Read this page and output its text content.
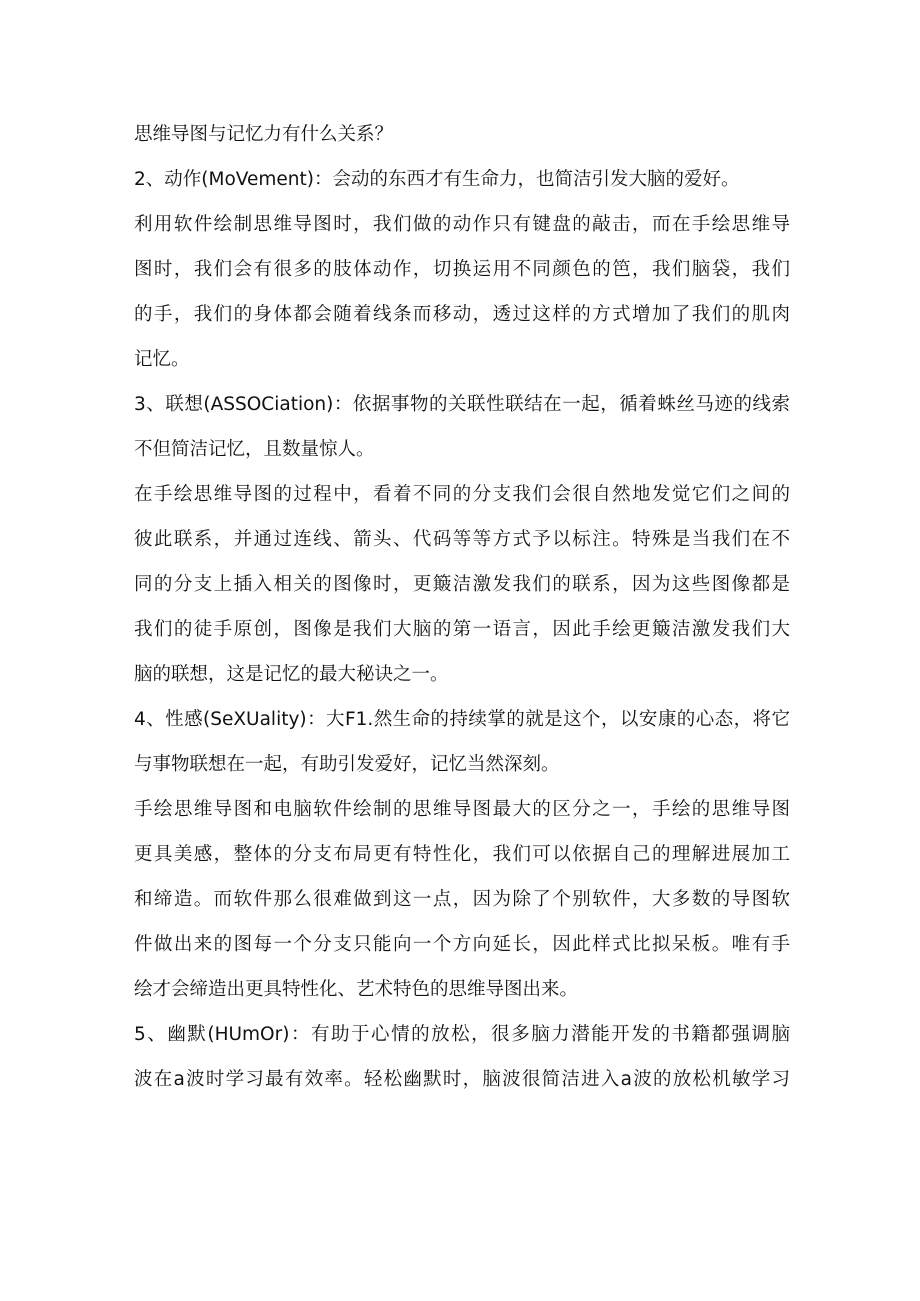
思维导图与记忆力有什么关系？

2、动作(MoVement)：会动的东西才有生命力，也简洁引发大脑的爱好。

利用软件绘制思维导图时，我们做的动作只有键盘的敲击，而在手绘思维导
图时，我们会有很多的肢体动作，切换运用不同颜色的笆，我们脑袋，我们
的手，我们的身体都会随着线条而移动，透过这样的方式增加了我们的肌肉
记忆。

3、联想(ASSOCiation)：依据事物的关联性联结在一起，循着蛛丝马迹的线索
不但简洁记忆，且数量惊人。

在手绘思维导图的过程中，看着不同的分支我们会很自然地发觉它们之间的
彼此联系，并通过连线、箭头、代码等等方式予以标注。特殊是当我们在不
同的分支上插入相关的图像时，更簸洁激发我们的联系，因为这些图像都是
我们的徒手原创，图像是我们大脑的第一语言，因此手绘更簸洁激发我们大
脑的联想，这是记忆的最大秘诀之一。

4、性感(SeXUality)：大F1.然生命的持续掌的就是这个，以安康的心态，将它
与事物联想在一起，有助引发爱好，记忆当然深刻。

手绘思维导图和电脑软件绘制的思维导图最大的区分之一，手绘的思维导图
更具美感，整体的分支布局更有特性化，我们可以依据自己的理解进展加工
和缔造。而软件那么很难做到这一点，因为除了个别软件，大多数的导图软
件做出来的图每一个分支只能向一个方向延长，因此样式比拟呆板。唯有手
绘才会缔造出更具特性化、艺术特色的思维导图出来。

5、幽默(HUmOr)：有助于心情的放松，很多脑力潜能开发的书籍都强调脑
波在a波时学习最有效率。轻松幽默时，脑波很简洁进入a波的放松机敏学习
